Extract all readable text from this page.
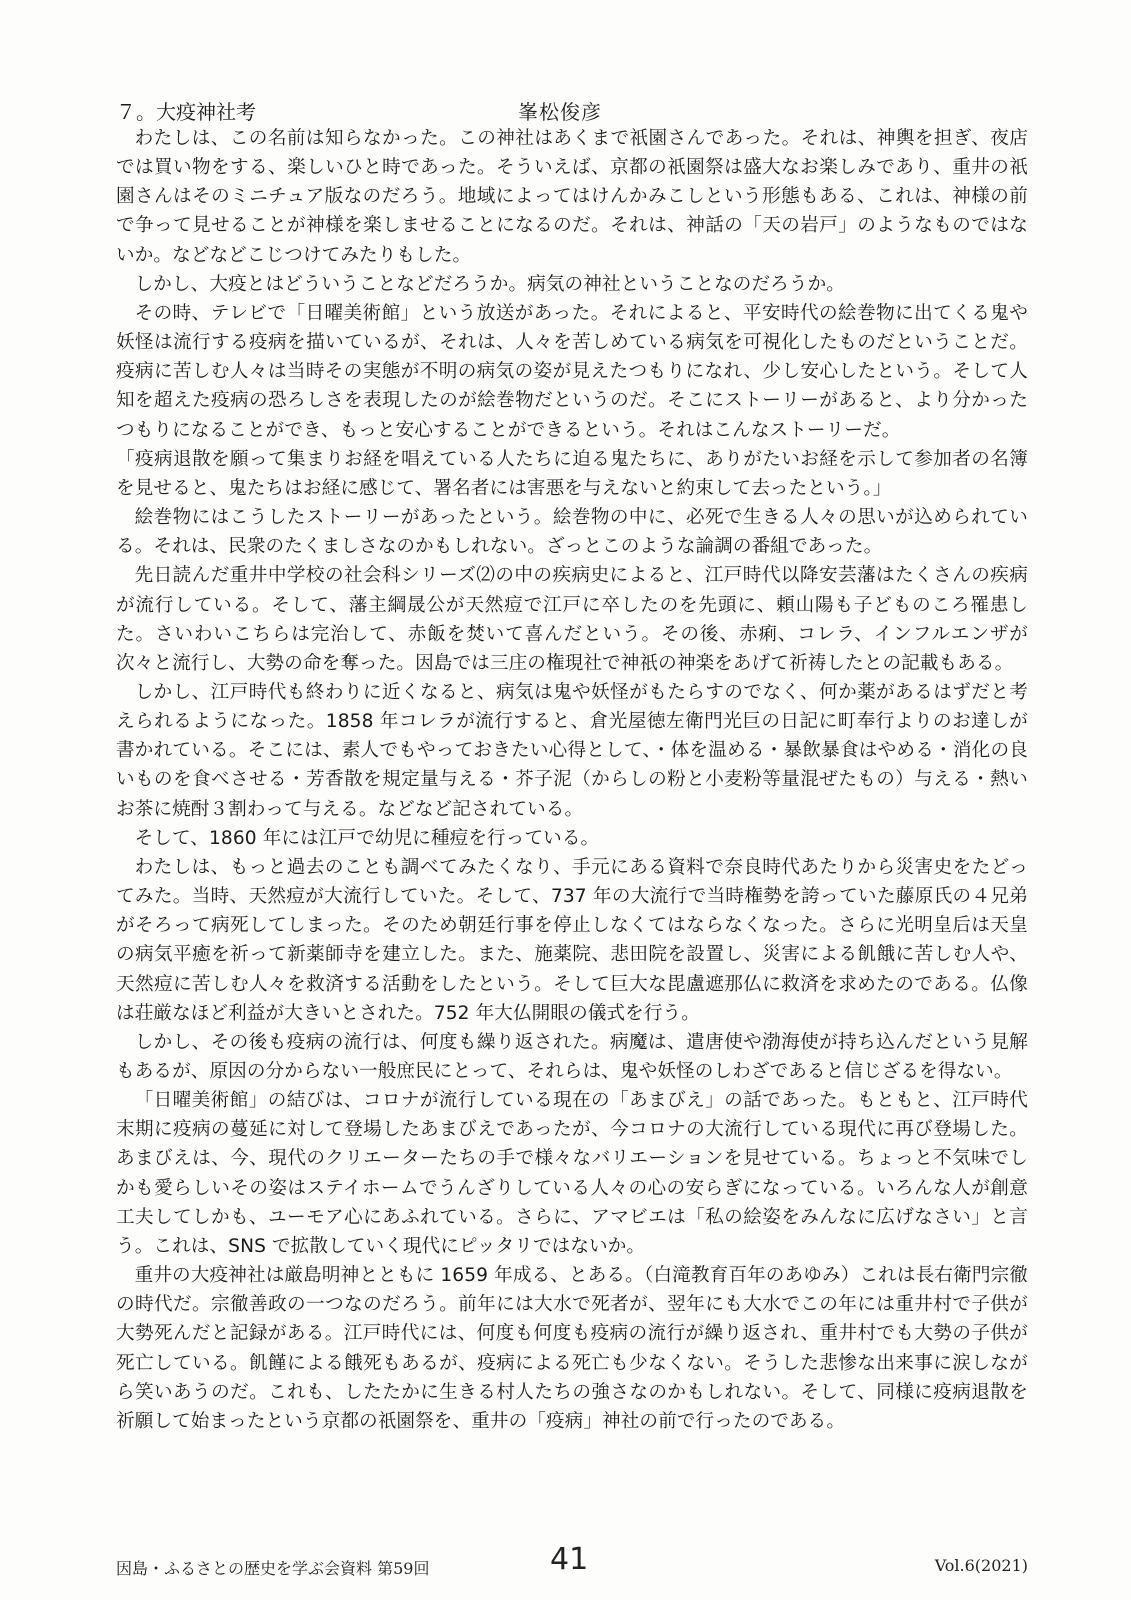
７。大疫神社考	峯松俊彦

わたしは、この名前は知らなかった。この神社はあくまで祇園さんであった。それは、神輿を担ぎ、夜店では買い物をする、楽しいひと時であった。そういえば、京都の祇園祭は盛大なお楽しみであり、重井の祇園さんはそのミニチュア版なのだろう。地域によってはけんかみこしという形態もある、これは、神様の前で争って見せることが神様を楽しませることになるのだ。それは、神話の「天の岩戸」のようなものではないか。などなどこじつけてみたりもした。

しかし、大疫とはどういうことなどだろうか。病気の神社ということなのだろうか。

その時、テレビで「日曜美術館」という放送があった。それによると、平安時代の絵巻物に出てくる鬼や妖怪は流行する疫病を描いているが、それは、人々を苦しめている病気を可視化したものだということだ。疫病に苦しむ人々は当時その実態が不明の病気の姿が見えたつもりになれ、少し安心したという。そして人知を超えた疫病の恐ろしさを表現したのが絵巻物だというのだ。そこにストーリーがあると、より分かったつもりになることができ、もっと安心することができるという。それはこんなストーリーだ。

「疫病退散を願って集まりお経を唱えている人たちに迫る鬼たちに、ありがたいお経を示して参加者の名簿を見せると、鬼たちはお経に感じて、署名者には害悪を与えないと約束して去ったという。」

絵巻物にはこうしたストーリーがあったという。絵巻物の中に、必死で生きる人々の思いが込められている。それは、民衆のたくましさなのかもしれない。ざっとこのような論調の番組であった。

先日読んだ重井中学校の社会科シリーズ⑵の中の疾病史によると、江戸時代以降安芸藩はたくさんの疾病が流行している。そして、藩主綱晟公が天然痘で江戸に卒したのを先頭に、頼山陽も子どものころ罹患した。さいわいこちらは完治して、赤飯を焚いて喜んだという。その後、赤痢、コレラ、インフルエンザが次々と流行し、大勢の命を奪った。因島では三庄の権現社で神祇の神楽をあげて祈祷したとの記載もある。

しかし、江戸時代も終わりに近くなると、病気は鬼や妖怪がもたらすのでなく、何か薬があるはずだと考えられるようになった。1858 年コレラが流行すると、倉光屋徳左衛門光巨の日記に町奉行よりのお達しが書かれている。そこには、素人でもやっておきたい心得として、・体を温める・暴飲暴食はやめる・消化の良いものを食べさせる・芳香散を規定量与える・芥子泥（からしの粉と小麦粉等量混ぜたもの）与える・熱いお茶に焼酎３割わって与える。などなど記されている。

そして、1860 年には江戸で幼児に種痘を行っている。

わたしは、もっと過去のことも調べてみたくなり、手元にある資料で奈良時代あたりから災害史をたどってみた。当時、天然痘が大流行していた。そして、737 年の大流行で当時権勢を誇っていた藤原氏の４兄弟がそろって病死してしまった。そのため朝廷行事を停止しなくてはならなくなった。さらに光明皇后は天皇の病気平癒を祈って新薬師寺を建立した。また、施薬院、悲田院を設置し、災害による飢餓に苦しむ人や、天然痘に苦しむ人々を救済する活動をしたという。そして巨大な毘盧遮那仏に救済を求めたのである。仏像は荘厳なほど利益が大きいとされた。752 年大仏開眼の儀式を行う。

しかし、その後も疫病の流行は、何度も繰り返された。病魔は、遣唐使や渤海使が持ち込んだという見解もあるが、原因の分からない一般庶民にとって、それらは、鬼や妖怪のしわざであると信じざるを得ない。

「日曜美術館」の結びは、コロナが流行している現在の「あまびえ」の話であった。もともと、江戸時代末期に疫病の蔓延に対して登場したあまびえであったが、今コロナの大流行している現代に再び登場した。あまびえは、今、現代のクリエーターたちの手で様々なバリエーションを見せている。ちょっと不気味でしかも愛らしいその姿はステイホームでうんざりしている人々の心の安らぎになっている。いろんな人が創意工夫してしかも、ユーモア心にあふれている。さらに、アマビエは「私の絵姿をみんなに広げなさい」と言う。これは、SNS で拡散していく現代にピッタリではないか。

重井の大疫神社は厳島明神とともに 1659 年成る、とある。（白滝教育百年のあゆみ）これは長右衛門宗徹の時代だ。宗徹善政の一つなのだろう。前年には大水で死者が、翌年にも大水でこの年には重井村で子供が大勢死んだと記録がある。江戸時代には、何度も何度も疫病の流行が繰り返され、重井村でも大勢の子供が死亡している。飢饉による餓死もあるが、疫病による死亡も少なくない。そうした悲惨な出来事に涙しながら笑いあうのだ。これも、したたかに生きる村人たちの強さなのかもしれない。そして、同様に疫病退散を祈願して始まったという京都の祇園祭を、重井の「疫病」神社の前で行ったのである。

因島・ふるさとの歴史を学ぶ会資料 第59回	41	Vol.6(2021)
